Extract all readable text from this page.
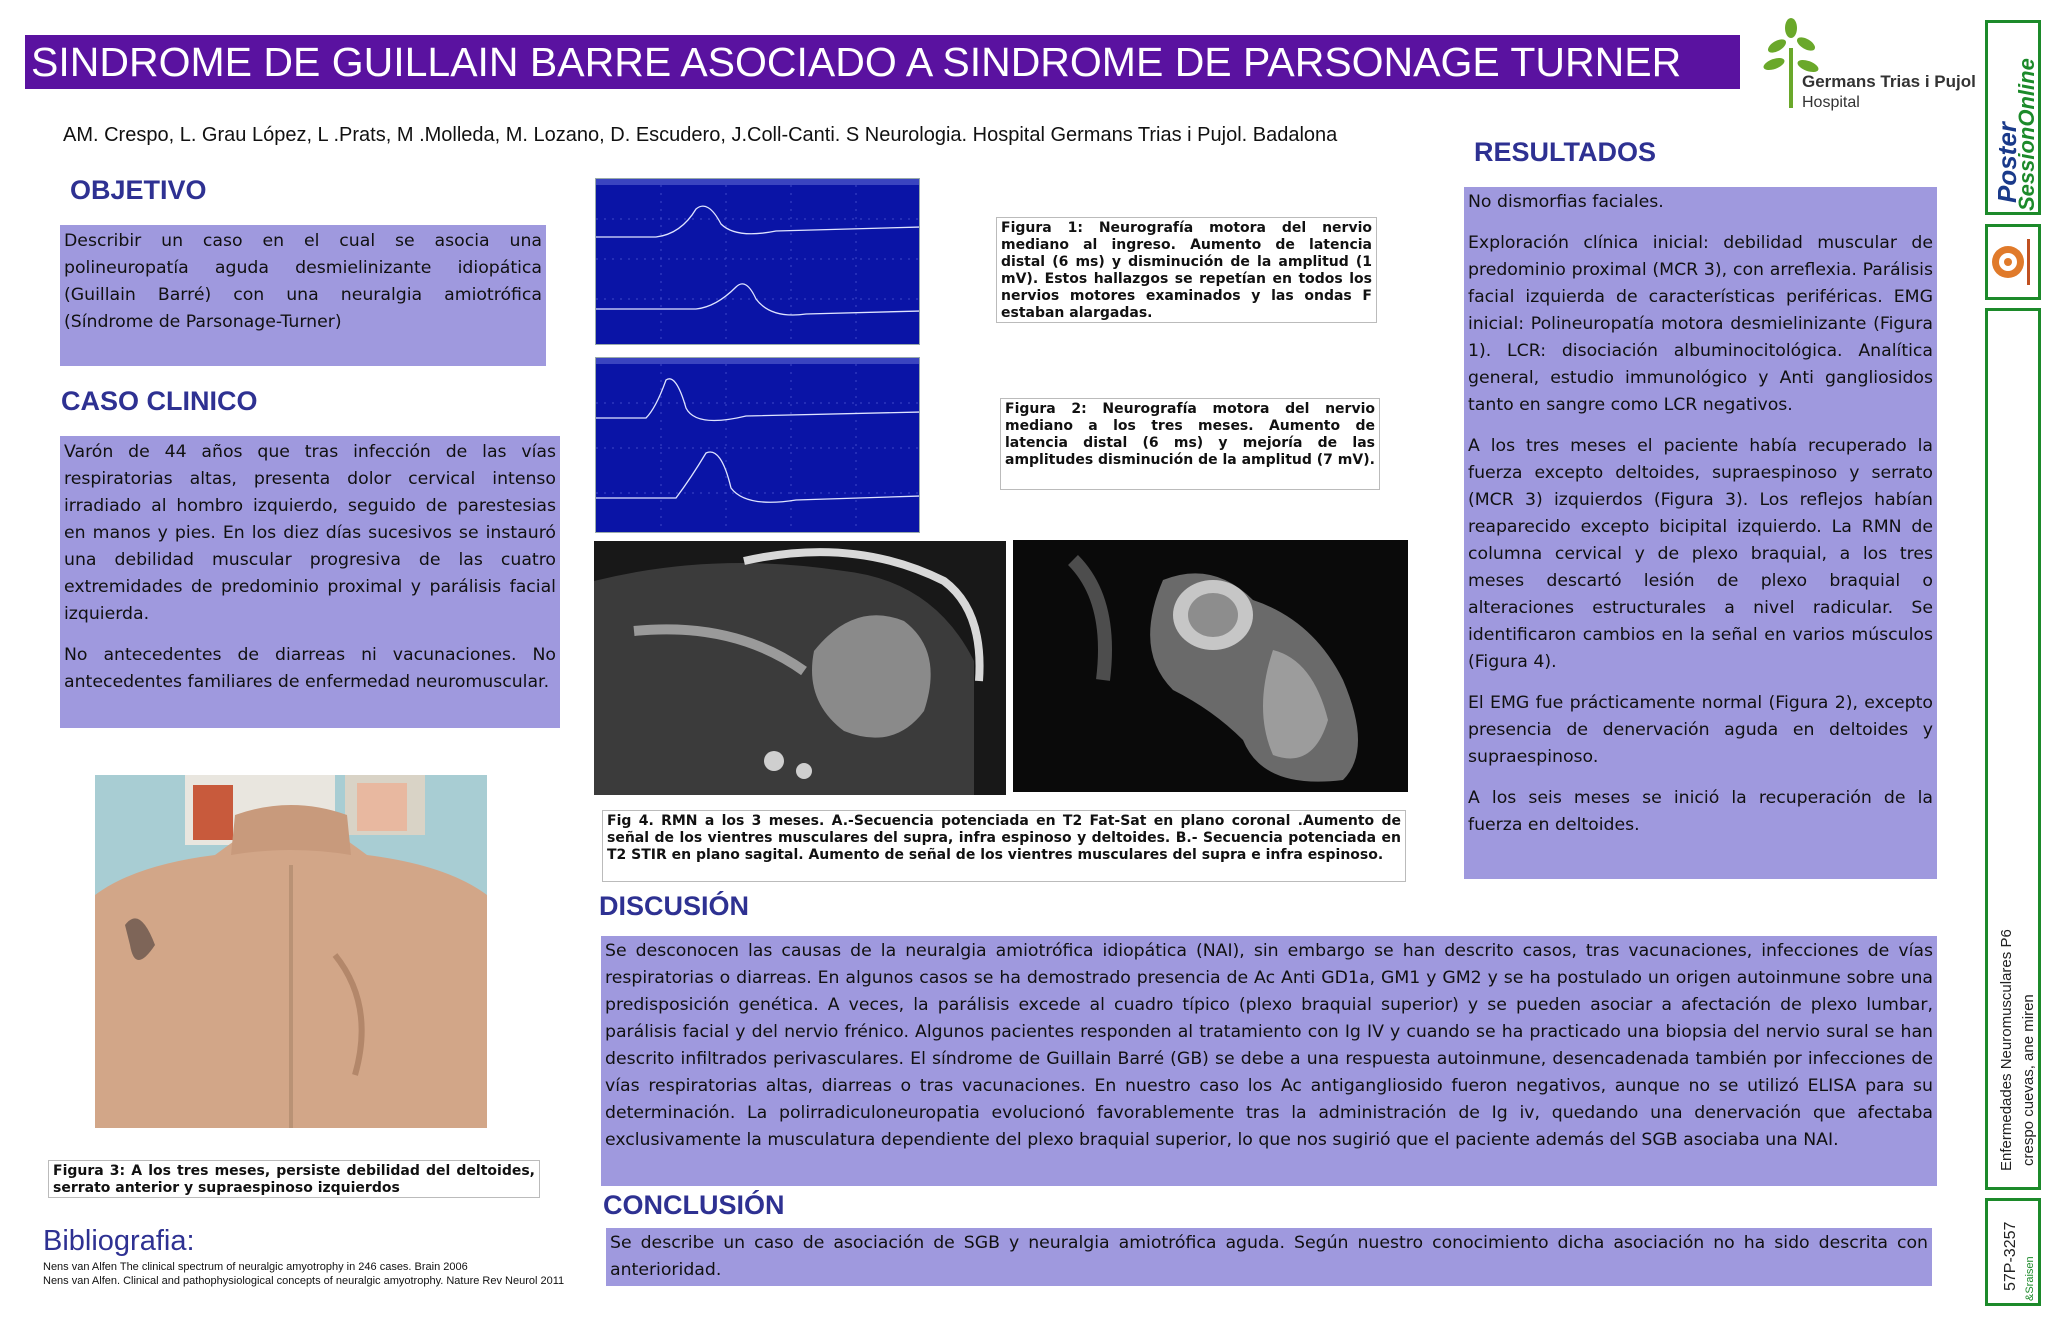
SINDROME DE GUILLAIN BARRE ASOCIADO A SINDROME DE PARSONAGE TURNER	Germans Trias i Pujol
Hospital
AM. Crespo, L. Grau López, L .Prats, M .Molleda, M. Lozano, D. Escudero, J.Coll-Canti. S Neurologia. Hospital Germans Trias i Pujol. Badalona
OBJETIVO

Describir un caso en el cual se asocia una polineuropatía aguda desmielinizante idiopática (Guillain Barré) con una neuralgia amiotrófica (Síndrome de Parsonage-Turner)

CASO CLINICO

Varón de 44 años que tras infección de las vías respiratorias altas, presenta dolor cervical intenso irradiado al hombro izquierdo, seguido de parestesias en manos y pies. En los diez días sucesivos se instauró una debilidad muscular progresiva de las cuatro extremidades de predominio proximal y parálisis facial izquierda.

No antecedentes de diarreas ni vacunaciones. No antecedentes familiares de enfermedad neuromuscular.

Figura 3: A los tres meses, persiste debilidad del deltoides, serrato anterior y supraespinoso izquierdos
Bibliografia:
Nens van Alfen The clinical spectrum of neuralgic amyotrophy in 246 cases. Brain 2006
Nens van Alfen. Clinical and pathophysiological concepts of neuralgic amyotrophy. Nature Rev Neurol 2011
Figura 1: Neurografía motora del nervio mediano al ingreso. Aumento de latencia distal (6 ms) y disminución de la amplitud (1 mV). Estos hallazgos se repetían en todos los nervios motores examinados y las ondas F estaban alargadas.
Figura 2: Neurografía motora del nervio mediano a los tres meses. Aumento de latencia distal (6 ms) y mejoría de las amplitudes disminución de la amplitud (7 mV).
Fig 4. RMN a los 3 meses. A.-Secuencia potenciada en T2 Fat-Sat en plano coronal .Aumento de señal de los vientres musculares del supra, infra espinoso y deltoides. B.- Secuencia potenciada en T2 STIR en plano sagital. Aumento de señal de los vientres musculares del supra e infra espinoso.
RESULTADOS

No dismorfias faciales.

Exploración clínica inicial: debilidad muscular de predominio proximal (MCR 3), con arreflexia. Parálisis facial izquierda de características periféricas. EMG inicial: Polineuropatía motora desmielinizante (Figura 1). LCR: disociación albuminocitológica. Analítica general, estudio immunológico y Anti gangliosidos tanto en sangre como LCR negativos.

A los tres meses el paciente había recuperado la fuerza excepto deltoides, supraespinoso y serrato (MCR 3) izquierdos (Figura 3). Los reflejos habían reaparecido excepto bicipital izquierdo. La RMN de columna cervical y de plexo braquial, a los tres meses descartó lesión de plexo braquial o alteraciones estructurales a nivel radicular. Se identificaron cambios en la señal en varios músculos (Figura 4).

El EMG fue prácticamente normal (Figura 2), excepto presencia de denervación aguda en deltoides y supraespinoso.

A los seis meses se inició la recuperación de la fuerza en deltoides.

DISCUSIÓN

Se desconocen las causas de la neuralgia amiotrófica idiopática (NAI), sin embargo se han descrito casos, tras vacunaciones, infecciones de vías respiratorias o diarreas. En algunos casos se ha demostrado presencia de Ac Anti GD1a, GM1 y GM2 y se ha postulado un origen autoinmune sobre una predisposición genética. A veces, la parálisis excede al cuadro típico (plexo braquial superior) y se pueden asociar a afectación de plexo lumbar, parálisis facial y del nervio frénico. Algunos pacientes responden al tratamiento con Ig IV y cuando se ha practicado una biopsia del nervio sural se han descrito infiltrados perivasculares. El síndrome de Guillain Barré (GB) se debe a una respuesta autoinmune, desencadenada también por infecciones de vías respiratorias altas, diarreas o tras vacunaciones. En nuestro caso los Ac antigangliosido fueron negativos, aunque no se utilizó ELISA para su determinación. La polirradiculoneuropatia evolucionó favorablemente tras la administración de Ig iv, quedando una denervación que afectaba exclusivamente la musculatura dependiente del plexo braquial superior, lo que nos sugirió que el paciente además del SGB asociaba una NAI.

CONCLUSIÓN

Se describe un caso de asociación de SGB y neuralgia amiotrófica aguda. Según nuestro conocimiento dicha asociación no ha sido descrita con anterioridad.

Poster
SessionOnline
Enfermedades Neuromusculares P6 crespo cuevas, ane miren
57P-3257 &Sraisen
